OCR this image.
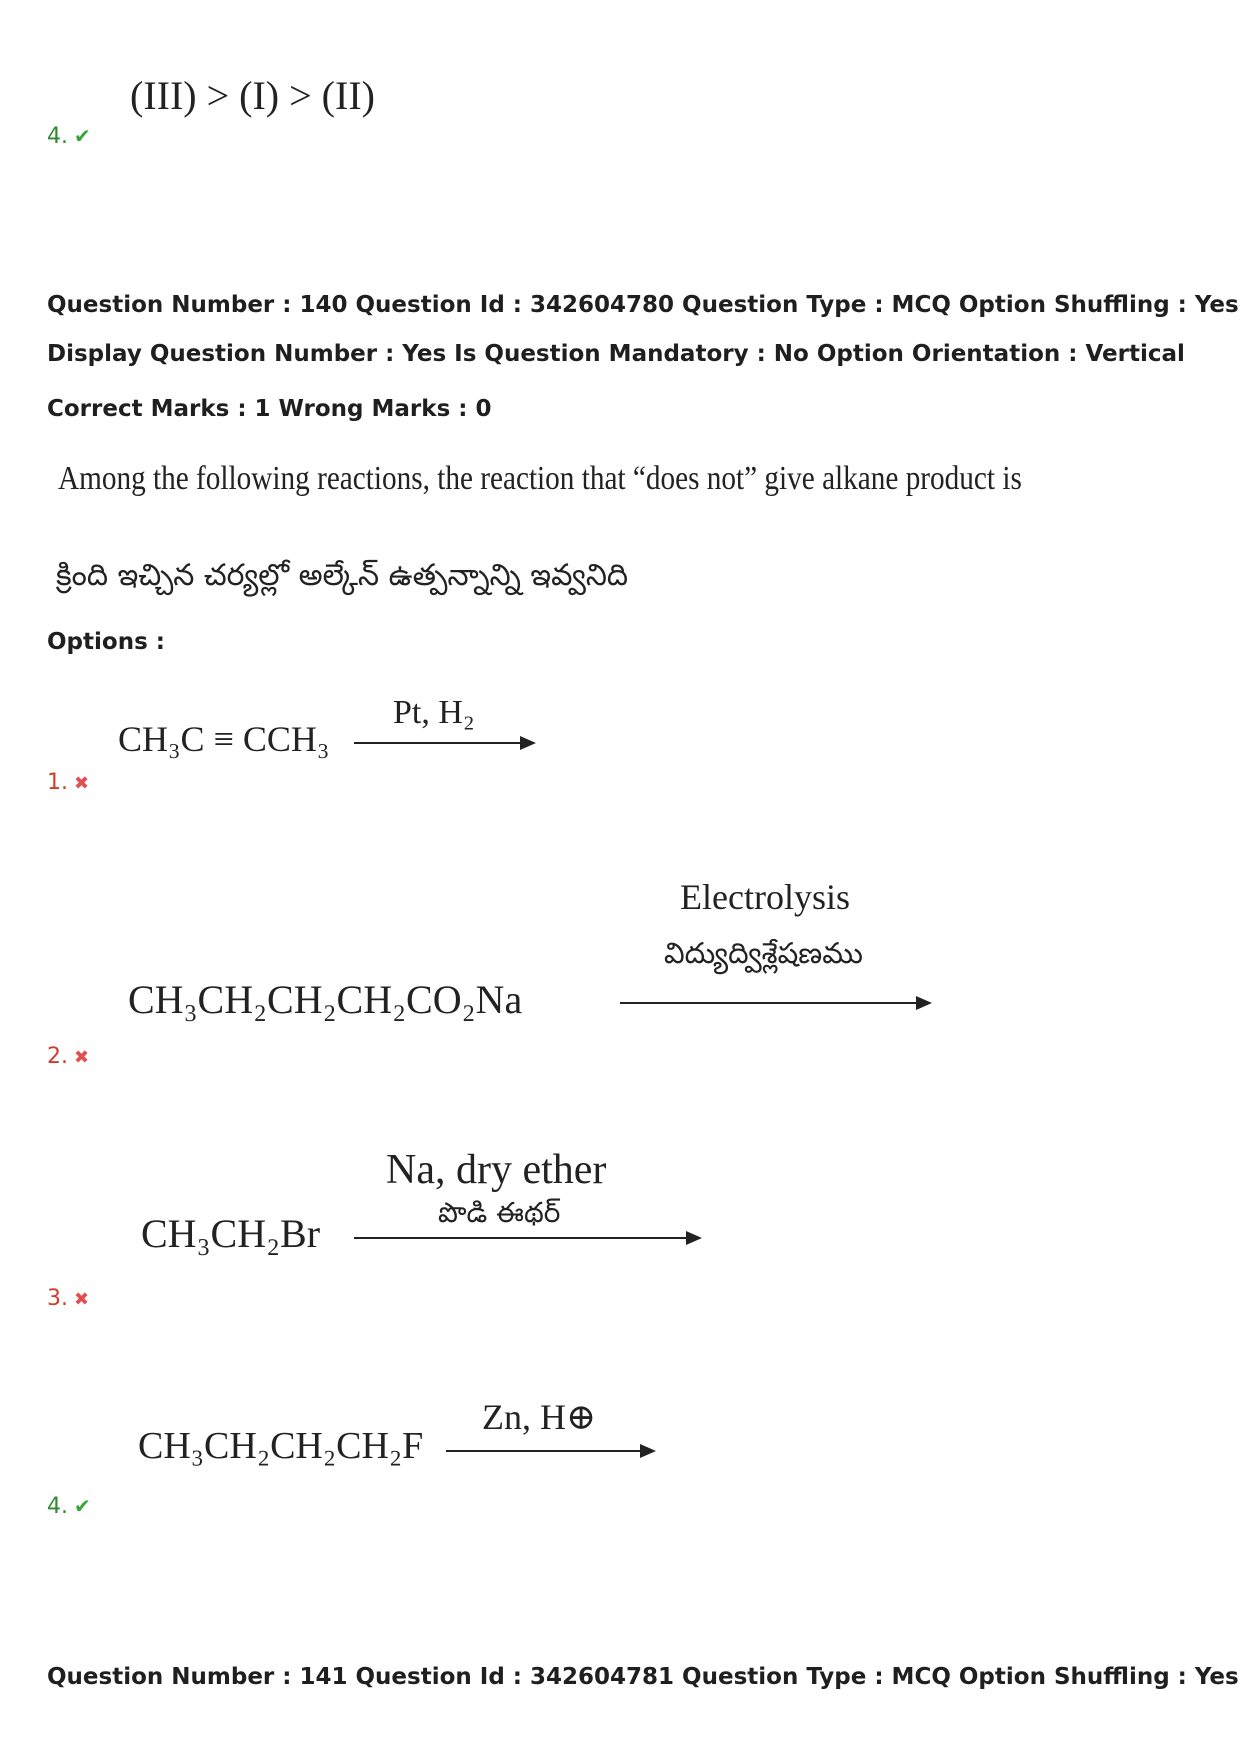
(III) > (I) > (II)
4. ✔
Question Number : 140 Question Id : 342604780 Question Type : MCQ Option Shuffling : Yes
Display Question Number : Yes Is Question Mandatory : No Option Orientation : Vertical
Correct Marks : 1 Wrong Marks : 0
Among the following reactions, the reaction that “does not” give alkane product is
క్రింది ఇచ్చిన చర్యల్లో అల్కేన్ ఉత్పన్నాన్ని ఇవ్వనిది
Options :
CH₃C ≡ CCH₃
Pt, H₂
1. ✖
Electrolysis
విద్యుద్విశ్లేషణము
CH₃CH₂CH₂CH₂CO₂Na
2. ✖
Na, dry ether
పొడి ఈథర్
CH₃CH₂Br
3. ✖
Zn, H⊕
CH₃CH₂CH₂CH₂F
4. ✔
Question Number : 141 Question Id : 342604781 Question Type : MCQ Option Shuffling : Yes
